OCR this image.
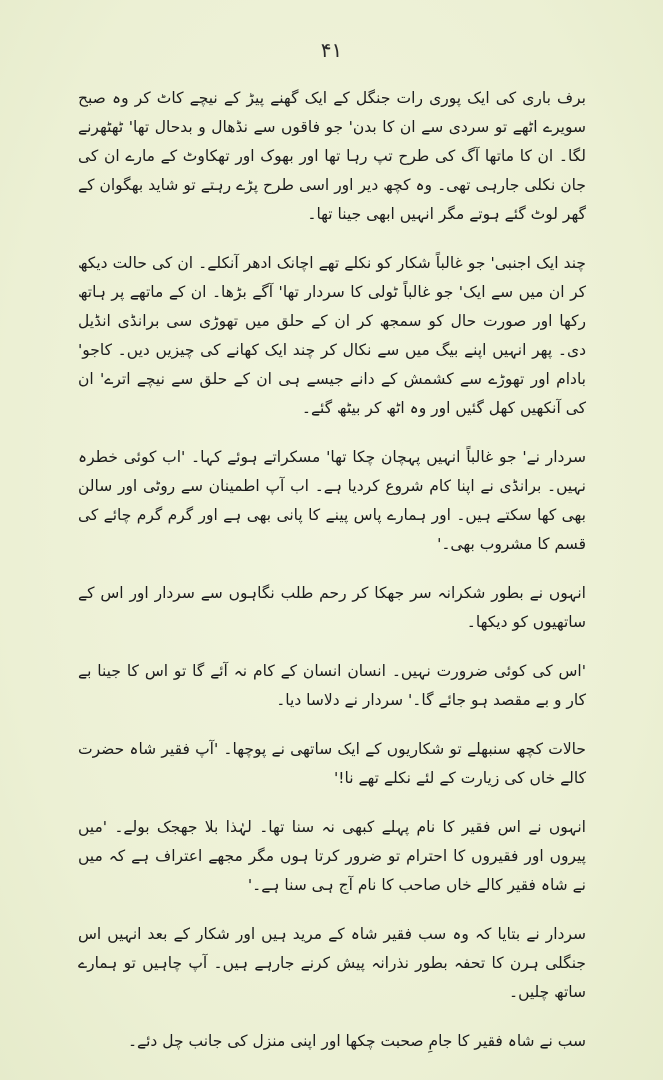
۴۱

برف باری کی ایک پوری رات جنگل کے ایک گھنے پیڑ کے نیچے کاٹ کر وہ صبح سویرے اٹھے تو سردی سے ان کا بدن' جو فاقوں سے نڈھال و بدحال تھا' ٹھٹھرنے لگا۔ ان کا ماتھا آگ کی طرح تپ رہا تھا اور بھوک اور تھکاوٹ کے مارے ان کی جان نکلی جارہی تھی۔ وہ کچھ دیر اور اسی طرح پڑے رہتے تو شاید بھگوان کے گھر لوٹ گئے ہوتے مگر انہیں ابھی جینا تھا۔

چند ایک اجنبی' جو غالباً شکار کو نکلے تھے اچانک ادھر آنکلے۔ ان کی حالت دیکھ کر ان میں سے ایک' جو غالباً ٹولی کا سردار تھا' آگے بڑھا۔ ان کے ماتھے پر ہاتھ رکھا اور صورت حال کو سمجھ کر ان کے حلق میں تھوڑی سی برانڈی انڈیل دی۔ پھر انہیں اپنے بیگ میں سے نکال کر چند ایک کھانے کی چیزیں دیں۔ کاجو' بادام اور تھوڑے سے کشمش کے دانے جیسے ہی ان کے حلق سے نیچے اترے' ان کی آنکھیں کھل گئیں اور وہ اٹھ کر بیٹھ گئے۔

سردار نے' جو غالباً انہیں پہچان چکا تھا' مسکراتے ہوئے کہا۔ 'اب کوئی خطرہ نہیں۔ برانڈی نے اپنا کام شروع کردیا ہے۔ اب آپ اطمینان سے روٹی اور سالن بھی کھا سکتے ہیں۔ اور ہمارے پاس پینے کا پانی بھی ہے اور گرم گرم چائے کی قسم کا مشروب بھی۔'

انہوں نے بطور شکرانہ سر جھکا کر رحم طلب نگاہوں سے سردار اور اس کے ساتھیوں کو دیکھا۔

'اس کی کوئی ضرورت نہیں۔ انسان انسان کے کام نہ آئے گا تو اس کا جینا بے کار و بے مقصد ہو جائے گا۔' سردار نے دلاسا دیا۔

حالات کچھ سنبھلے تو شکاریوں کے ایک ساتھی نے پوچھا۔ 'آپ فقیر شاہ حضرت کالے خاں کی زیارت کے لئے نکلے تھے نا!'

انہوں نے اس فقیر کا نام پہلے کبھی نہ سنا تھا۔ لہٰذا بلا جھجک بولے۔ 'میں پیروں اور فقیروں کا احترام تو ضرور کرتا ہوں مگر مجھے اعتراف ہے کہ میں نے شاہ فقیر کالے خاں صاحب کا نام آج ہی سنا ہے۔'

سردار نے بتایا کہ وہ سب فقیر شاہ کے مرید ہیں اور شکار کے بعد انہیں اس جنگلی ہرن کا تحفہ بطور نذرانہ پیش کرنے جارہے ہیں۔ آپ چاہیں تو ہمارے ساتھ چلیں۔

سب نے شاہ فقیر کا جامِ صحبت چکھا اور اپنی منزل کی جانب چل دئے۔
